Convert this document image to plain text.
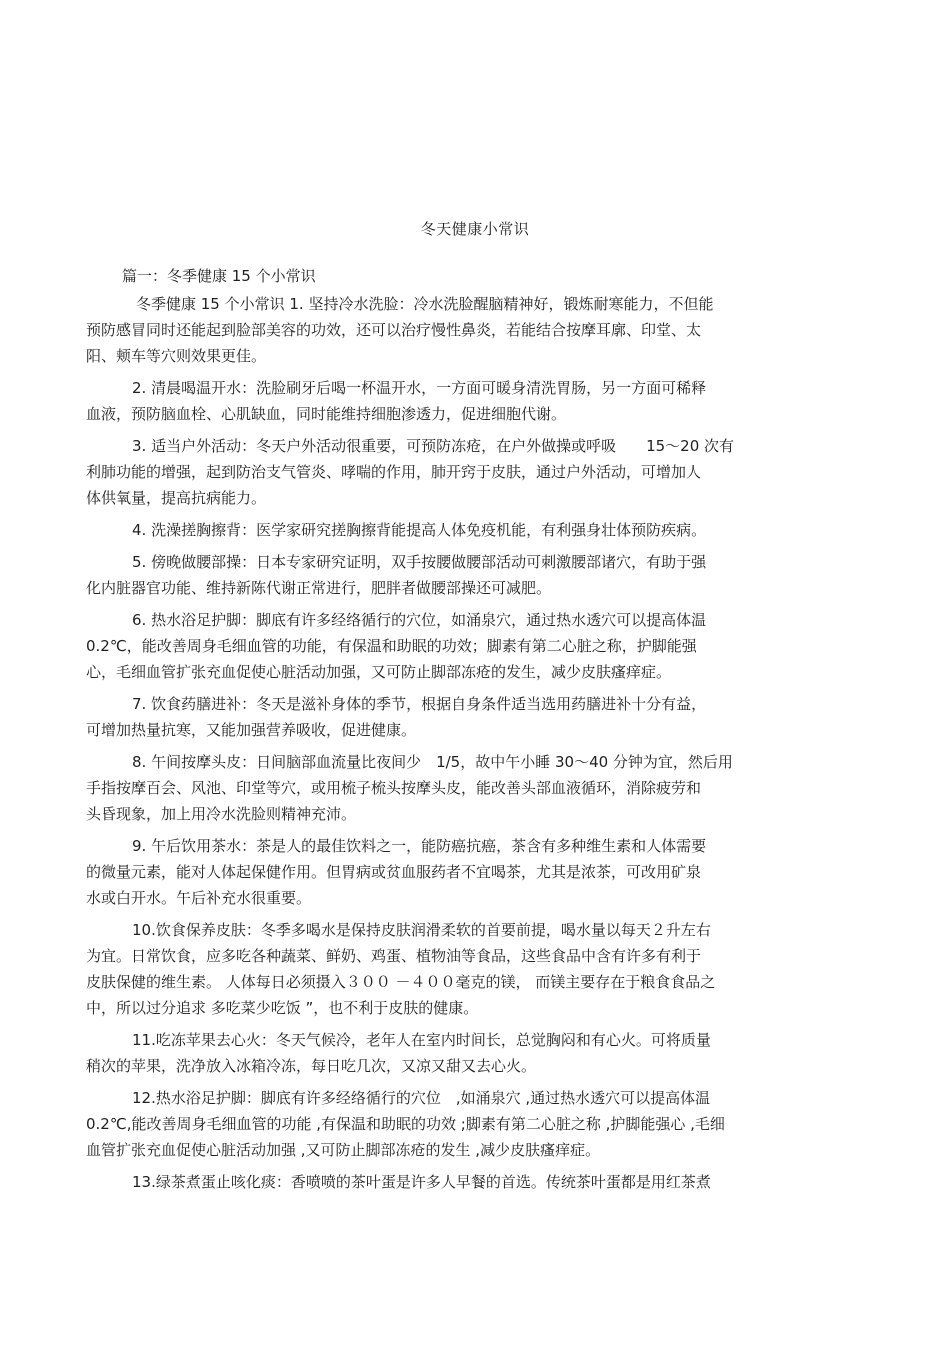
冬天健康小常识
篇一：冬季健康 15 个小常识
冬季健康 15 个小常识 1. 坚持冷水洗脸：冷水洗脸醒脑精神好，锻炼耐寒能力，不但能
预防感冒同时还能起到脸部美容的功效，还可以治疗慢性鼻炎，若能结合按摩耳廓、印堂、太
阳、颊车等穴则效果更佳。
2. 清晨喝温开水：洗脸刷牙后喝一杯温开水，一方面可暖身清洗胃肠，另一方面可稀释
血液，预防脑血栓、心肌缺血，同时能维持细胞渗透力，促进细胞代谢。
3. 适当户外活动：冬天户外活动很重要，可预防冻疮，在户外做操或呼吸　　15～20 次有
利肺功能的增强，起到防治支气管炎、哮喘的作用，肺开窍于皮肤，通过户外活动，可增加人
体供氧量，提高抗病能力。
4. 洗澡搓胸擦背：医学家研究搓胸擦背能提高人体免疫机能，有利强身壮体预防疾病。
5. 傍晚做腰部操：日本专家研究证明，双手按腰做腰部活动可刺激腰部诸穴，有助于强
化内脏器官功能、维持新陈代谢正常进行，肥胖者做腰部操还可减肥。
6. 热水浴足护脚：脚底有许多经络循行的穴位，如涌泉穴，通过热水透穴可以提高体温
0.2℃，能改善周身毛细血管的功能，有保温和助眠的功效；脚素有第二心脏之称，护脚能强
心，毛细血管扩张充血促使心脏活动加强，又可防止脚部冻疮的发生，减少皮肤瘙痒症。
7. 饮食药膳进补：冬天是滋补身体的季节，根据自身条件适当选用药膳进补十分有益，
可增加热量抗寒，又能加强营养吸收，促进健康。
8. 午间按摩头皮：日间脑部血流量比夜间少　1/5，故中午小睡 30～40 分钟为宜，然后用
手指按摩百会、风池、印堂等穴，或用梳子梳头按摩头皮，能改善头部血液循环，消除疲劳和
头昏现象，加上用冷水洗脸则精神充沛。
9. 午后饮用茶水：茶是人的最佳饮料之一，能防癌抗癌，茶含有多种维生素和人体需要
的微量元素，能对人体起保健作用。但胃病或贫血服药者不宜喝茶，尤其是浓茶，可改用矿泉
水或白开水。午后补充水很重要。
10.饮食保养皮肤：冬季多喝水是保持皮肤润滑柔软的首要前提，喝水量以每天２升左右
为宜。日常饮食，应多吃各种蔬菜、鲜奶、鸡蛋、植物油等食品，这些食品中含有许多有利于
皮肤保健的维生素。 人体每日必须摄入３００ －４００毫克的镁， 而镁主要存在于粮食食品之
中，所以过分追求 多吃菜少吃饭 ”，也不利于皮肤的健康。
11.吃冻苹果去心火：冬天气候冷，老年人在室内时间长，总觉胸闷和有心火。可将质量
稍次的苹果，洗净放入冰箱冷冻，每日吃几次，又凉又甜又去心火。
12.热水浴足护脚：脚底有许多经络循行的穴位　,如涌泉穴 ,通过热水透穴可以提高体温
0.2℃,能改善周身毛细血管的功能 ,有保温和助眠的功效 ;脚素有第二心脏之称 ,护脚能强心 ,毛细
血管扩张充血促使心脏活动加强 ,又可防止脚部冻疮的发生 ,减少皮肤瘙痒症。
13.绿茶煮蛋止咳化痰：香喷喷的茶叶蛋是许多人早餐的首选。传统茶叶蛋都是用红茶煮
